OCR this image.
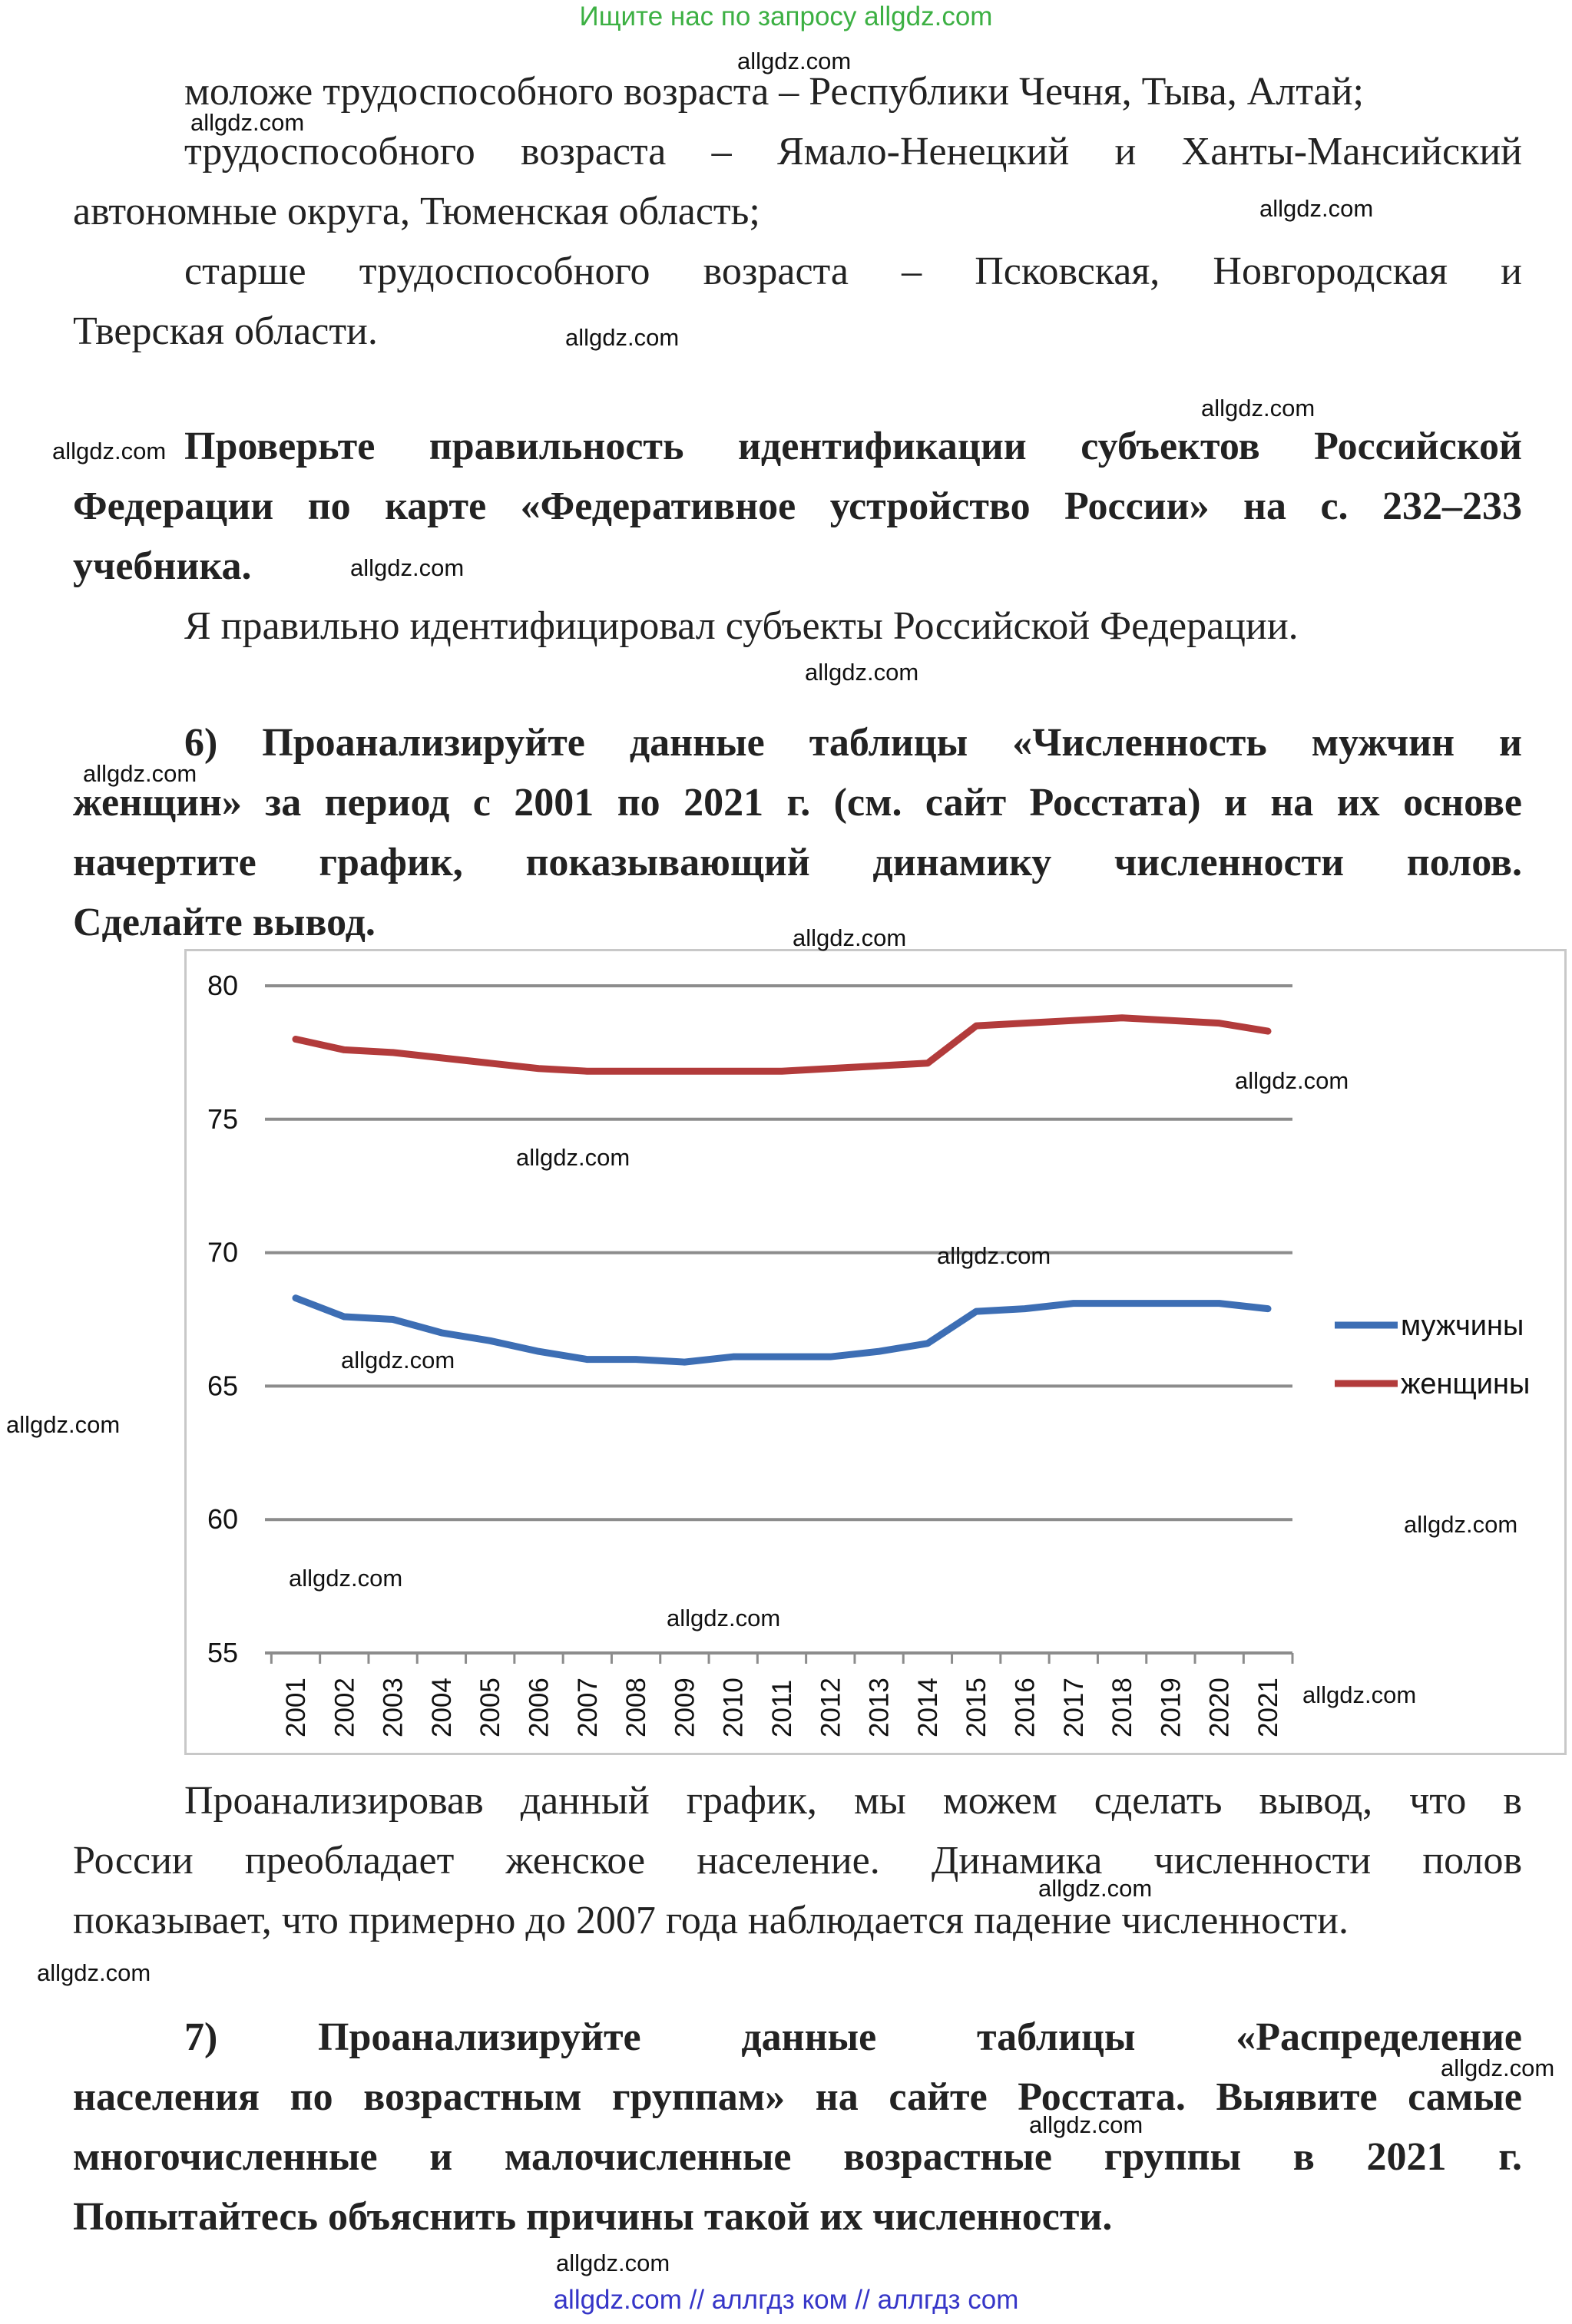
Ищите нас по запросу allgdz.com
allgdz.com // аллгдз ком // аллгдз com
моложе трудоспособного возраста – Республики Чечня, Тыва, Алтай;
трудоспособного возраста – Ямало-Ненецкий и Ханты-Мансийский
автономные округа, Тюменская область;
старше трудоспособного возраста – Псковская, Новгородская и
Тверская области.
Проверьте правильность идентификации субъектов Российской
Федерации по карте «Федеративное устройство России» на с. 232–233
учебника.
Я правильно идентифицировал субъекты Российской Федерации.
6) Проанализируйте данные таблицы «Численность мужчин и
женщин» за период с 2001 по 2021 г. (см. сайт Росстата) и на их основе
начертите график, показывающий динамику численности полов.
Сделайте вывод.
55
60
65
70
75
80
2001 2002 2003 2004 2005 2006 2007 2008 2009 2010 2011 2012 2013 2014 2015 2016 2017 2018 2019 2020 2021
мужчины
женщины
Проанализировав данный график, мы можем сделать вывод, что в
России преобладает женское население. Динамика численности полов
показывает, что примерно до 2007 года наблюдается падение численности.
7) Проанализируйте данные таблицы «Распределение
населения по возрастным группам» на сайте Росстата. Выявите самые
многочисленные и малочисленные возрастные группы в 2021 г.
Попытайтесь объяснить причины такой их численности.
allgdz.com
allgdz.com
allgdz.com
allgdz.com
allgdz.com
allgdz.com
allgdz.com
allgdz.com
allgdz.com
allgdz.com
allgdz.com
allgdz.com
allgdz.com
allgdz.com
allgdz.com
allgdz.com
allgdz.com
allgdz.com
allgdz.com
allgdz.com
allgdz.com
allgdz.com
allgdz.com
allgdz.com
